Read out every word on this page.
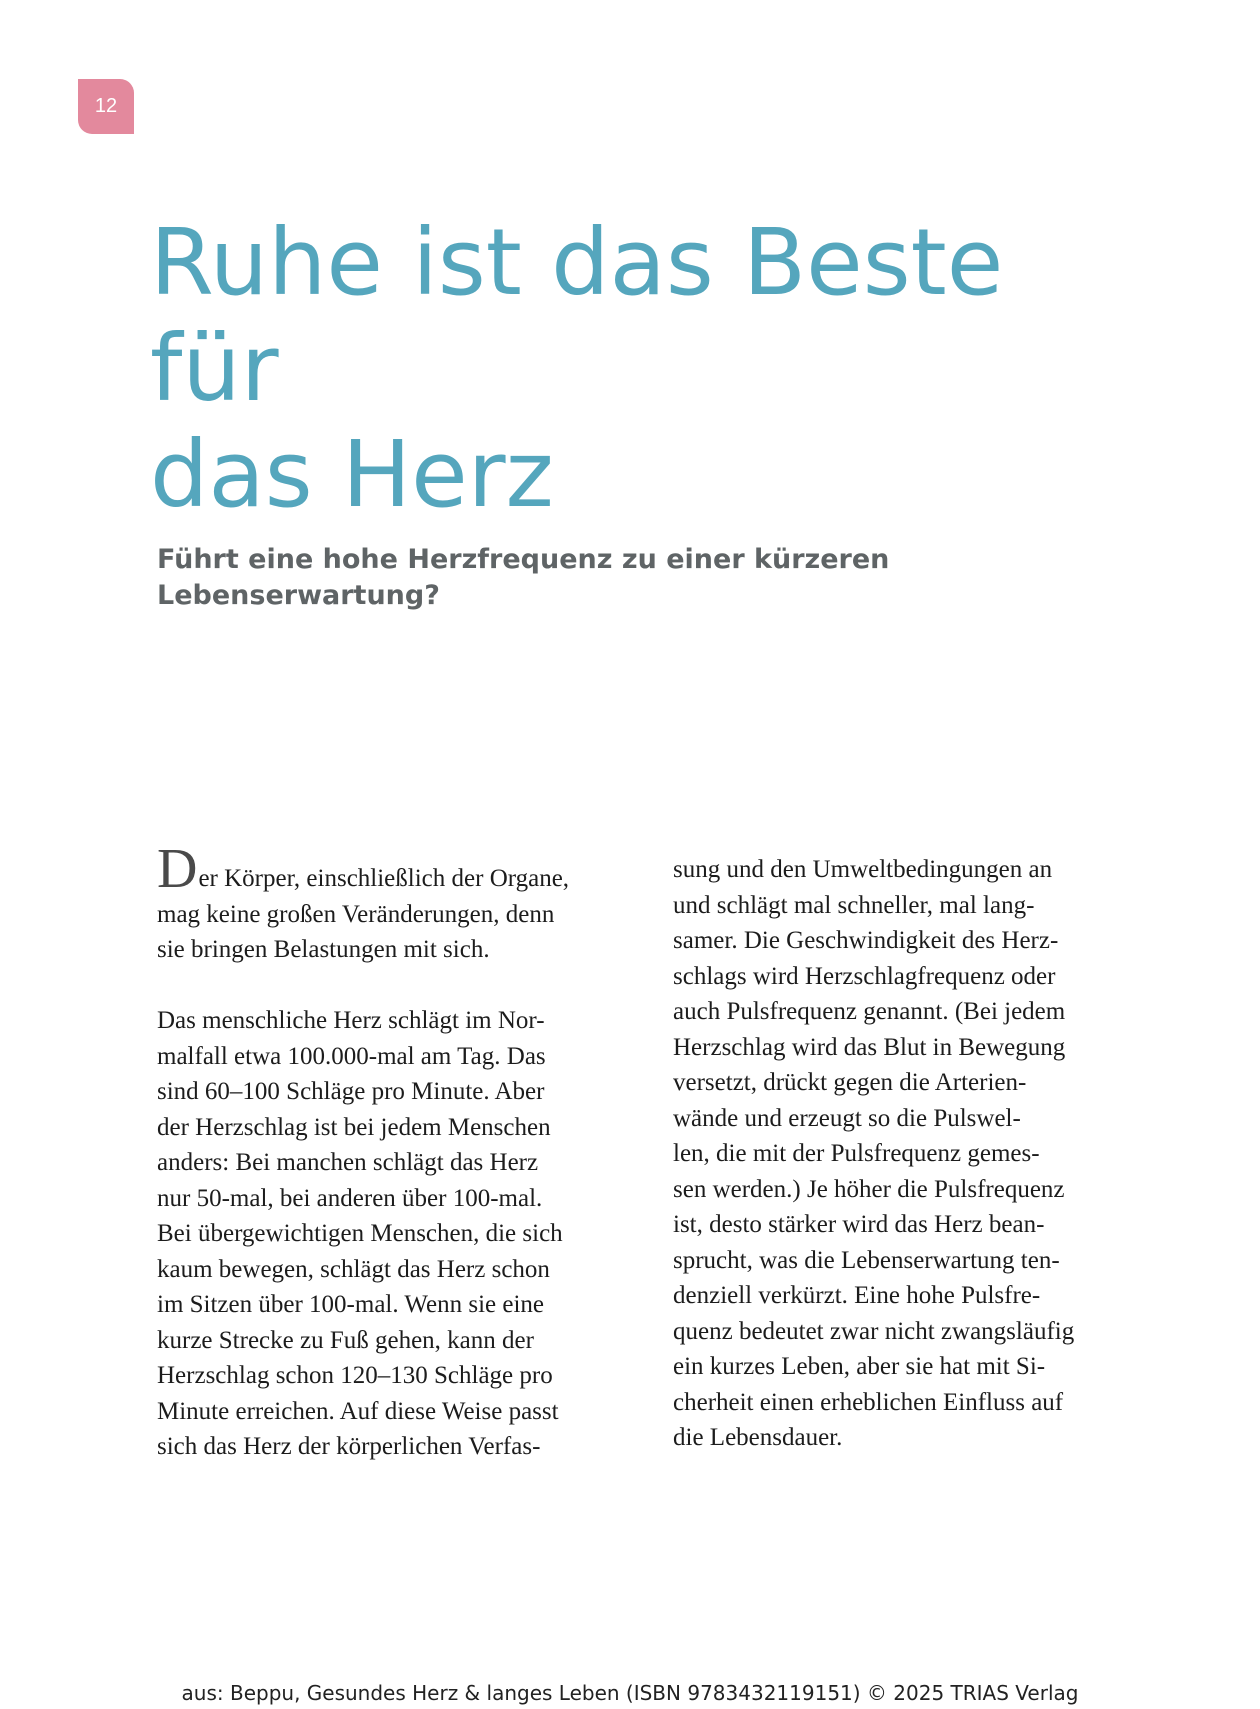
12
Ruhe ist das Beste für
das Herz
Führt eine hohe Herzfrequenz zu einer kürzeren Lebenserwartung?

Der Körper, einschließlich der Organe,
mag keine großen Veränderungen, denn
sie bringen Belastungen mit sich.

Das menschliche Herz schlägt im Nor-
malfall etwa 100.000-mal am Tag. Das
sind 60–100 Schläge pro Minute. Aber
der Herzschlag ist bei jedem Menschen
anders: Bei manchen schlägt das Herz
nur 50-mal, bei anderen über 100-mal.
Bei übergewichtigen Menschen, die sich
kaum bewegen, schlägt das Herz schon
im Sitzen über 100-mal. Wenn sie eine
kurze Strecke zu Fuß gehen, kann der
Herzschlag schon 120–130 Schläge pro
Minute erreichen. Auf diese Weise passt
sich das Herz der körperlichen Verfas-

sung und den Umweltbedingungen an
und schlägt mal schneller, mal lang-
samer. Die Geschwindigkeit des Herz-
schlags wird Herzschlagfrequenz oder
auch Pulsfrequenz genannt. (Bei jedem
Herzschlag wird das Blut in Bewegung
versetzt, drückt gegen die Arterien-
wände und erzeugt so die Pulswel-
len, die mit der Pulsfrequenz gemes-
sen werden.) Je höher die Pulsfrequenz
ist, desto stärker wird das Herz bean-
sprucht, was die Lebenserwartung ten-
denziell verkürzt. Eine hohe Pulsfre-
quenz bedeutet zwar nicht zwangsläufig
ein kurzes Leben, aber sie hat mit Si-
cherheit einen erheblichen Einfluss auf
die Lebensdauer.

aus: Beppu, Gesundes Herz & langes Leben (ISBN 9783432119151) © 2025 TRIAS Verlag
